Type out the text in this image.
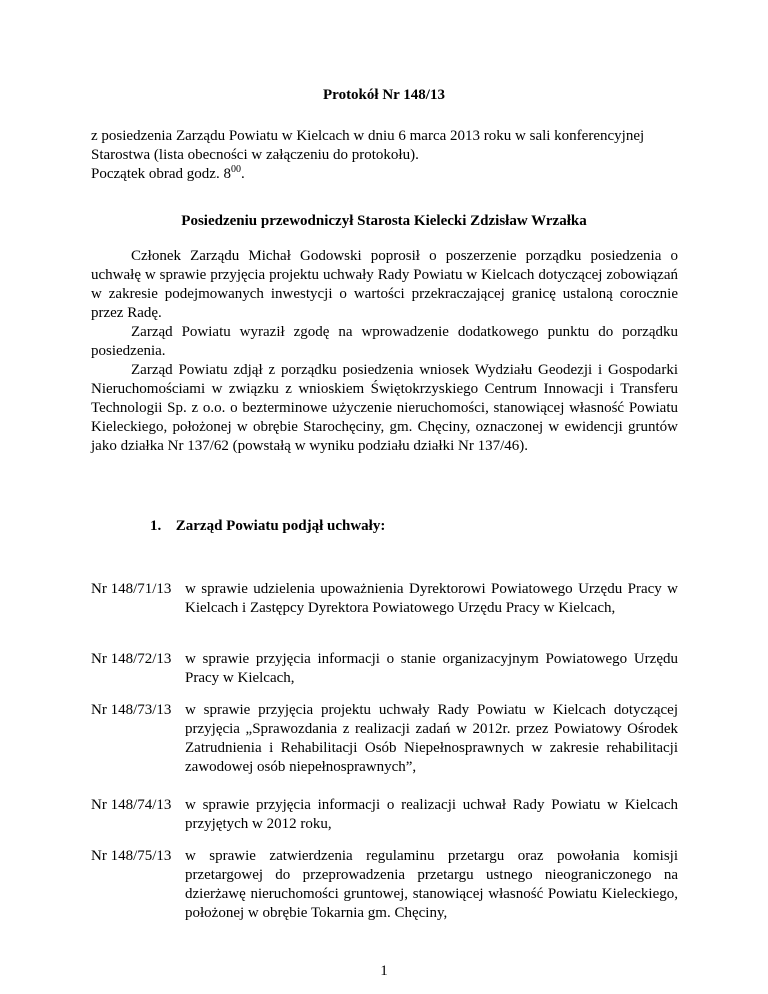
Protokół Nr 148/13

z posiedzenia Zarządu Powiatu w Kielcach w dniu 6 marca 2013 roku w sali konferencyjnej

Starostwa (lista obecności w załączeniu do protokołu).

Początek obrad godz. $8^{00}$.

Posiedzeniu przewodniczył Starosta Kielecki Zdzisław Wrzałka

Członek Zarządu Michał Godowski poprosił o poszerzenie porządku posiedzenia o uchwałę w sprawie przyjęcia projektu uchwały Rady Powiatu w Kielcach dotyczącej zobowiązań w zakresie podejmowanych inwestycji o wartości przekraczającej granicę ustaloną corocznie przez Radę.

Zarząd Powiatu wyraził zgodę na wprowadzenie dodatkowego punktu do porządku posiedzenia.

Zarząd Powiatu zdjął z porządku posiedzenia wniosek Wydziału Geodezji i Gospodarki Nieruchomościami w związku z wnioskiem Świętokrzyskiego Centrum Innowacji i Transferu Technologii Sp. z o.o. o bezterminowe użyczenie nieruchomości, stanowiącej własność Powiatu Kieleckiego, położonej w obrębie Starochęciny, gm. Chęciny, oznaczonej w ewidencji gruntów jako działka Nr 137/62 (powstałą w wyniku podziału działki Nr 137/46).

1. Zarząd Powiatu podjął uchwały:
Nr 148/71/13 w sprawie udzielenia upoważnienia Dyrektorowi Powiatowego Urzędu Pracy w Kielcach i Zastępcy Dyrektora Powiatowego Urzędu Pracy w Kielcach,
Nr 148/72/13 w sprawie przyjęcia informacji o stanie organizacyjnym Powiatowego Urzędu Pracy w Kielcach,
Nr 148/73/13 w sprawie przyjęcia projektu uchwały Rady Powiatu w Kielcach dotyczącej przyjęcia „Sprawozdania z realizacji zadań w 2012r. przez Powiatowy Ośrodek Zatrudnienia i Rehabilitacji Osób Niepełnosprawnych w zakresie rehabilitacji zawodowej osób niepełnosprawnych”,
Nr 148/74/13 w sprawie przyjęcia informacji o realizacji uchwał Rady Powiatu w Kielcach przyjętych w 2012 roku,
Nr 148/75/13 w sprawie zatwierdzenia regulaminu przetargu oraz powołania komisji przetargowej do przeprowadzenia przetargu ustnego nieograniczonego na dzierżawę nieruchomości gruntowej, stanowiącej własność Powiatu Kieleckiego, położonej w obrębie Tokarnia gm. Chęciny,
1
